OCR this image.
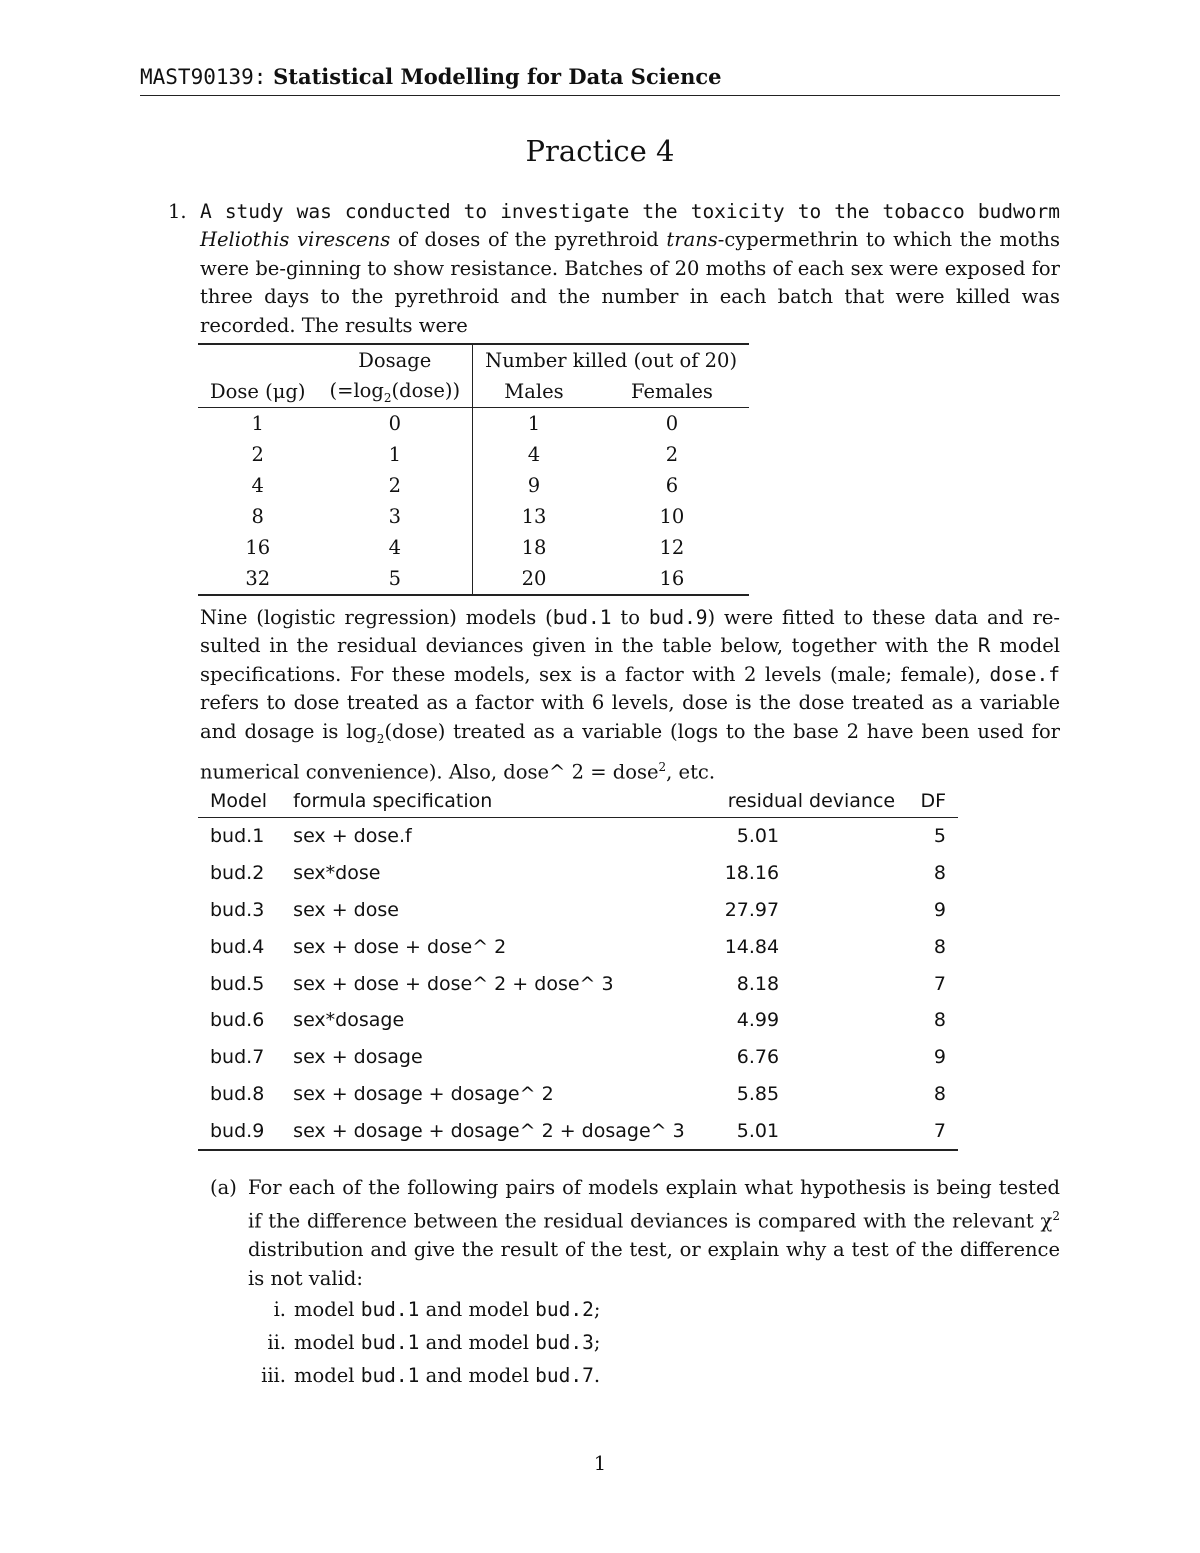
MAST90139: Statistical Modelling for Data Science
Practice 4
1. A study was conducted to investigate the toxicity to the tobacco budworm Heliothis virescens of doses of the pyrethroid trans-cypermethrin to which the moths were be-ginning to show resistance. Batches of 20 moths of each sex were exposed for three days to the pyrethroid and the number in each batch that were killed was recorded. The results were
	Dosage	Number killed (out of 20)	
Dose (μg)	$(=\log_2(dose))$	Males	Females
1	0	1	0
2	1	4	2
4	2	9	6
8	3	13	10
16	4	18	12
32	5	20	16
Nine (logistic regression) models (bud.1 to bud.9) were fitted to these data and re-sulted in the residual deviances given in the table below, together with the R model specifications. For these models, sex is a factor with 2 levels (male; female), dose.f refers to dose treated as a factor with 6 levels, dose is the dose treated as a variable and dosage is $\log_2(dose)$ treated as a variable (logs to the base 2 have been used for numerical convenience). Also, dose^ 2 = dose$^2$, etc.
Model	formula specification	residual deviance	DF
bud.1	sex + dose.f	5.01	5
bud.2	sex*dose	18.16	8
bud.3	sex + dose	27.97	9
bud.4	sex + dose + dose^ 2	14.84	8
bud.5	sex + dose + dose^ 2 + dose^ 3	8.18	7
bud.6	sex*dosage	4.99	8
bud.7	sex + dosage	6.76	9
bud.8	sex + dosage + dosage^ 2	5.85	8
bud.9	sex + dosage + dosage^ 2 + dosage^ 3	5.01	7
(a) For each of the following pairs of models explain what hypothesis is being tested if the difference between the residual deviances is compared with the relevant $\chi^2$ distribution and give the result of the test, or explain why a test of the difference is not valid:
i. model bud.1 and model bud.2;
ii. model bud.1 and model bud.3;
iii. model bud.1 and model bud.7.
1
